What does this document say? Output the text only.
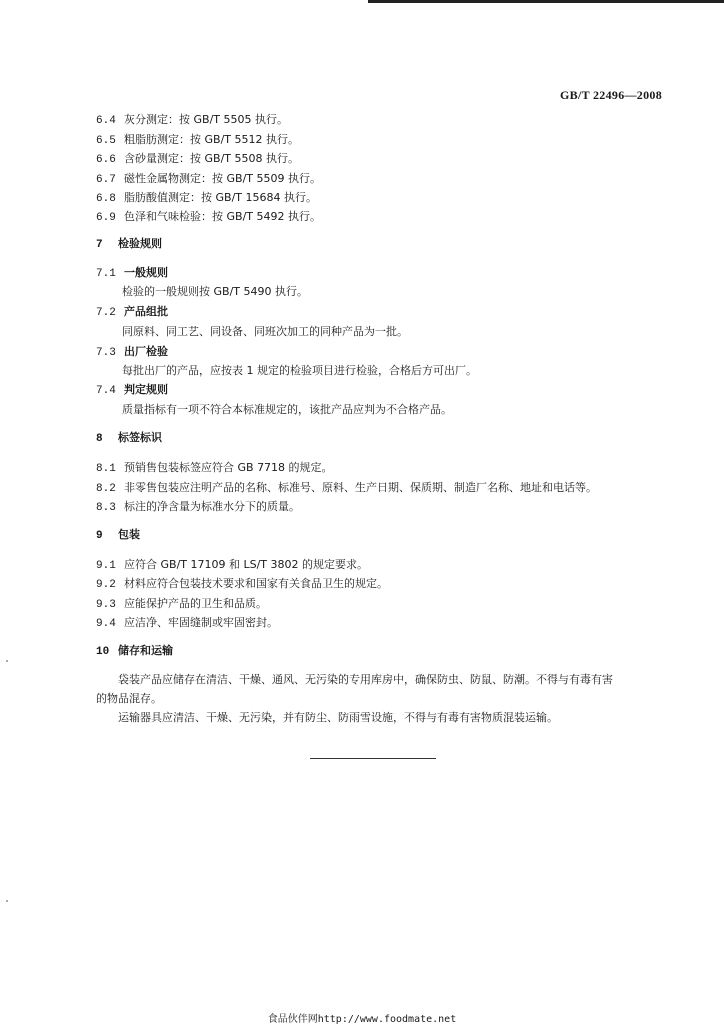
GB/T 22496—2008
6.4 灰分测定：按 GB/T 5505 执行。
6.5 粗脂肪测定：按 GB/T 5512 执行。
6.6 含砂量测定：按 GB/T 5508 执行。
6.7 磁性金属物测定：按 GB/T 5509 执行。
6.8 脂肪酸值测定：按 GB/T 15684 执行。
6.9 色泽和气味检验：按 GB/T 5492 执行。
7 检验规则
7.1 一般规则
检验的一般规则按 GB/T 5490 执行。
7.2 产品组批
同原料、同工艺、同设备、同班次加工的同种产品为一批。
7.3 出厂检验
每批出厂的产品，应按表 1 规定的检验项目进行检验，合格后方可出厂。
7.4 判定规则
质量指标有一项不符合本标准规定的，该批产品应判为不合格产品。
8 标签标识
8.1 预销售包装标签应符合 GB 7718 的规定。
8.2 非零售包装应注明产品的名称、标准号、原料、生产日期、保质期、制造厂名称、地址和电话等。
8.3 标注的净含量为标准水分下的质量。
9 包装
9.1 应符合 GB/T 17109 和 LS/T 3802 的规定要求。
9.2 材料应符合包装技术要求和国家有关食品卫生的规定。
9.3 应能保护产品的卫生和品质。
9.4 应洁净、牢固缝制或牢固密封。
10 储存和运输
袋装产品应储存在清洁、干燥、通风、无污染的专用库房中，确保防虫、防鼠、防潮。不得与有毒有害
的物品混存。
运输器具应清洁、干燥、无污染，并有防尘、防雨雪设施，不得与有毒有害物质混装运输。
食品伙伴网http://www.foodmate.net
